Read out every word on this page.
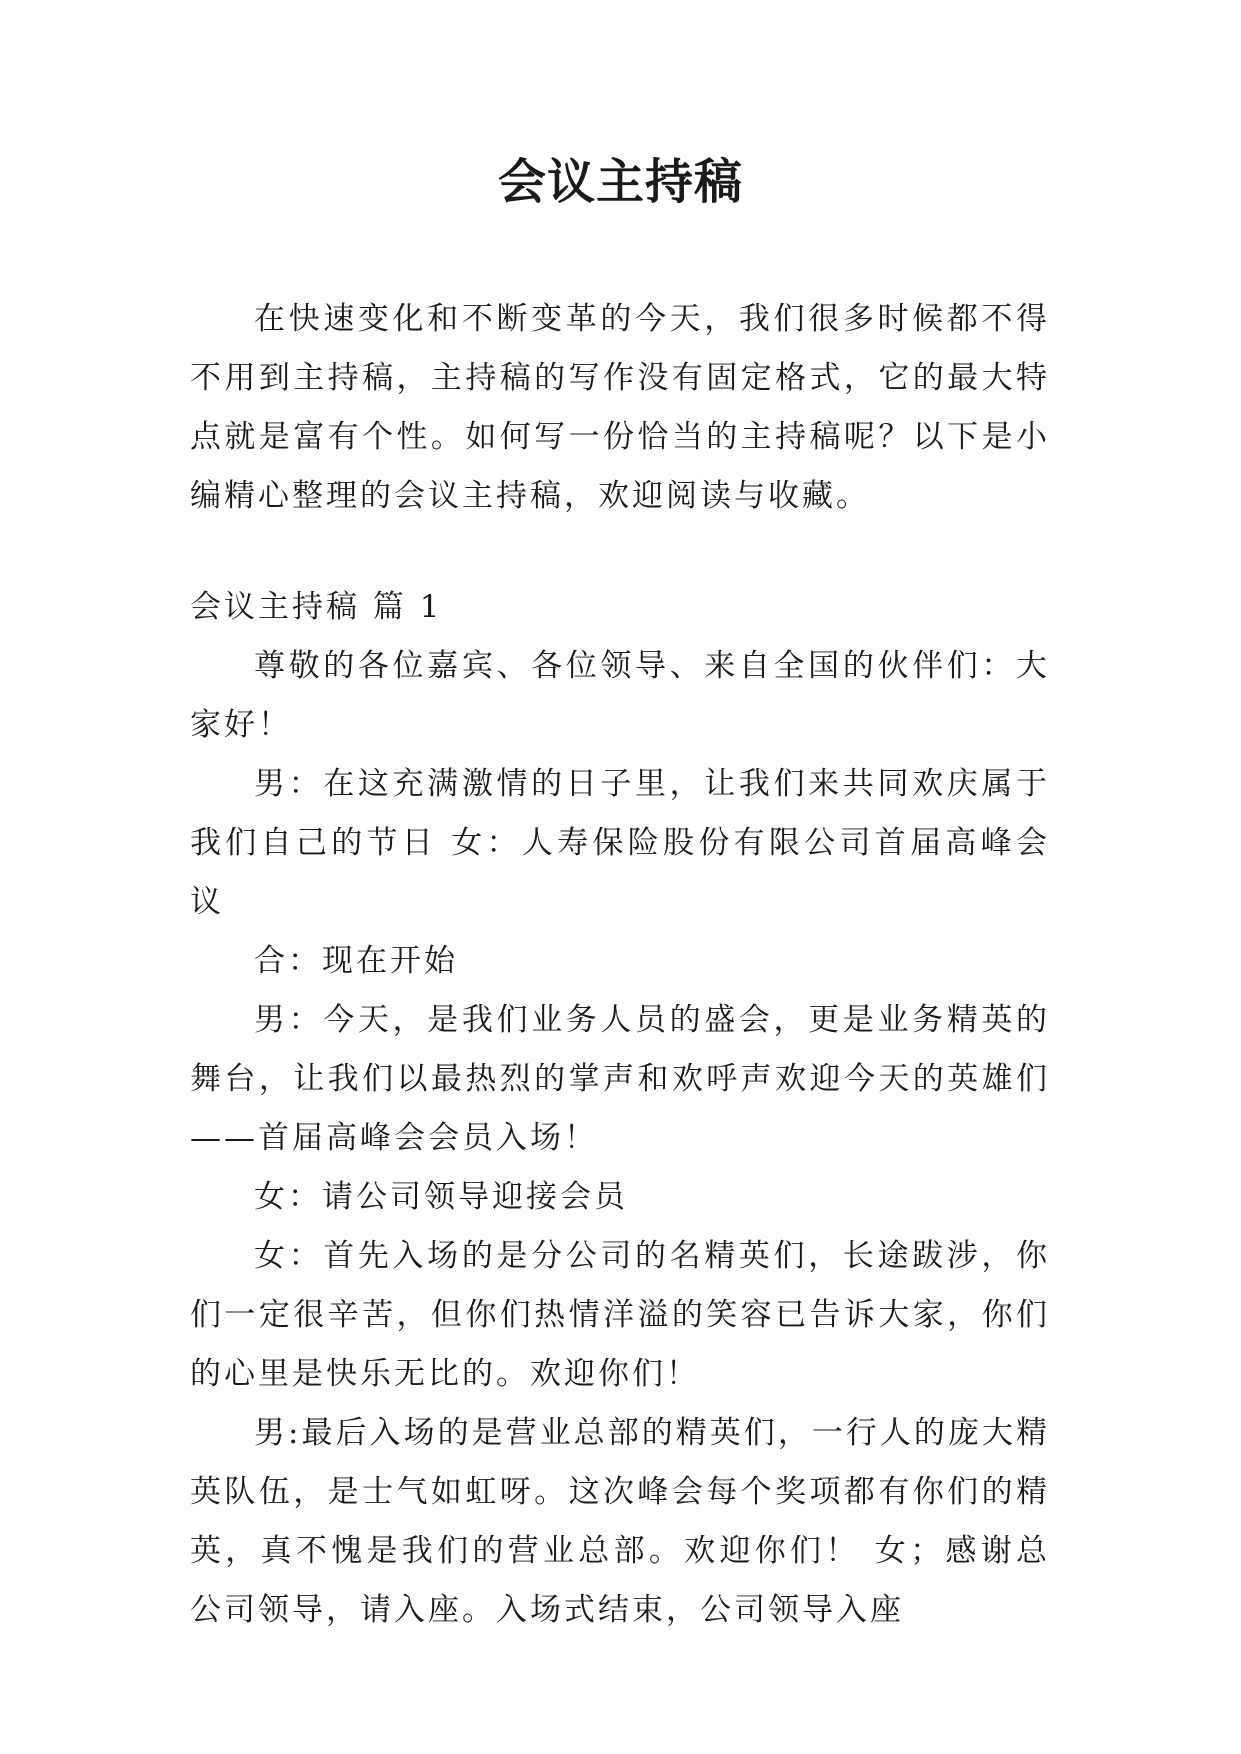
会议主持稿

在快速变化和不断变革的今天，我们很多时候都不得不用到主持稿，主持稿的写作没有固定格式，它的最大特点就是富有个性。如何写一份恰当的主持稿呢？以下是小编精心整理的会议主持稿，欢迎阅读与收藏。

会议主持稿 篇 1

尊敬的各位嘉宾、各位领导、来自全国的伙伴们：大家好！

男：在这充满激情的日子里，让我们来共同欢庆属于我们自己的节日 女：人寿保险股份有限公司首届高峰会议

合：现在开始

男：今天，是我们业务人员的盛会，更是业务精英的舞台，让我们以最热烈的掌声和欢呼声欢迎今天的英雄们——首届高峰会会员入场！

女：请公司领导迎接会员

女：首先入场的是分公司的名精英们，长途跋涉，你们一定很辛苦，但你们热情洋溢的笑容已告诉大家，你们的心里是快乐无比的。欢迎你们！

男:最后入场的是营业总部的精英们，一行人的庞大精英队伍，是士气如虹呀。这次峰会每个奖项都有你们的精英，真不愧是我们的营业总部。欢迎你们！ 女；感谢总公司领导，请入座。入场式结束，公司领导入座
